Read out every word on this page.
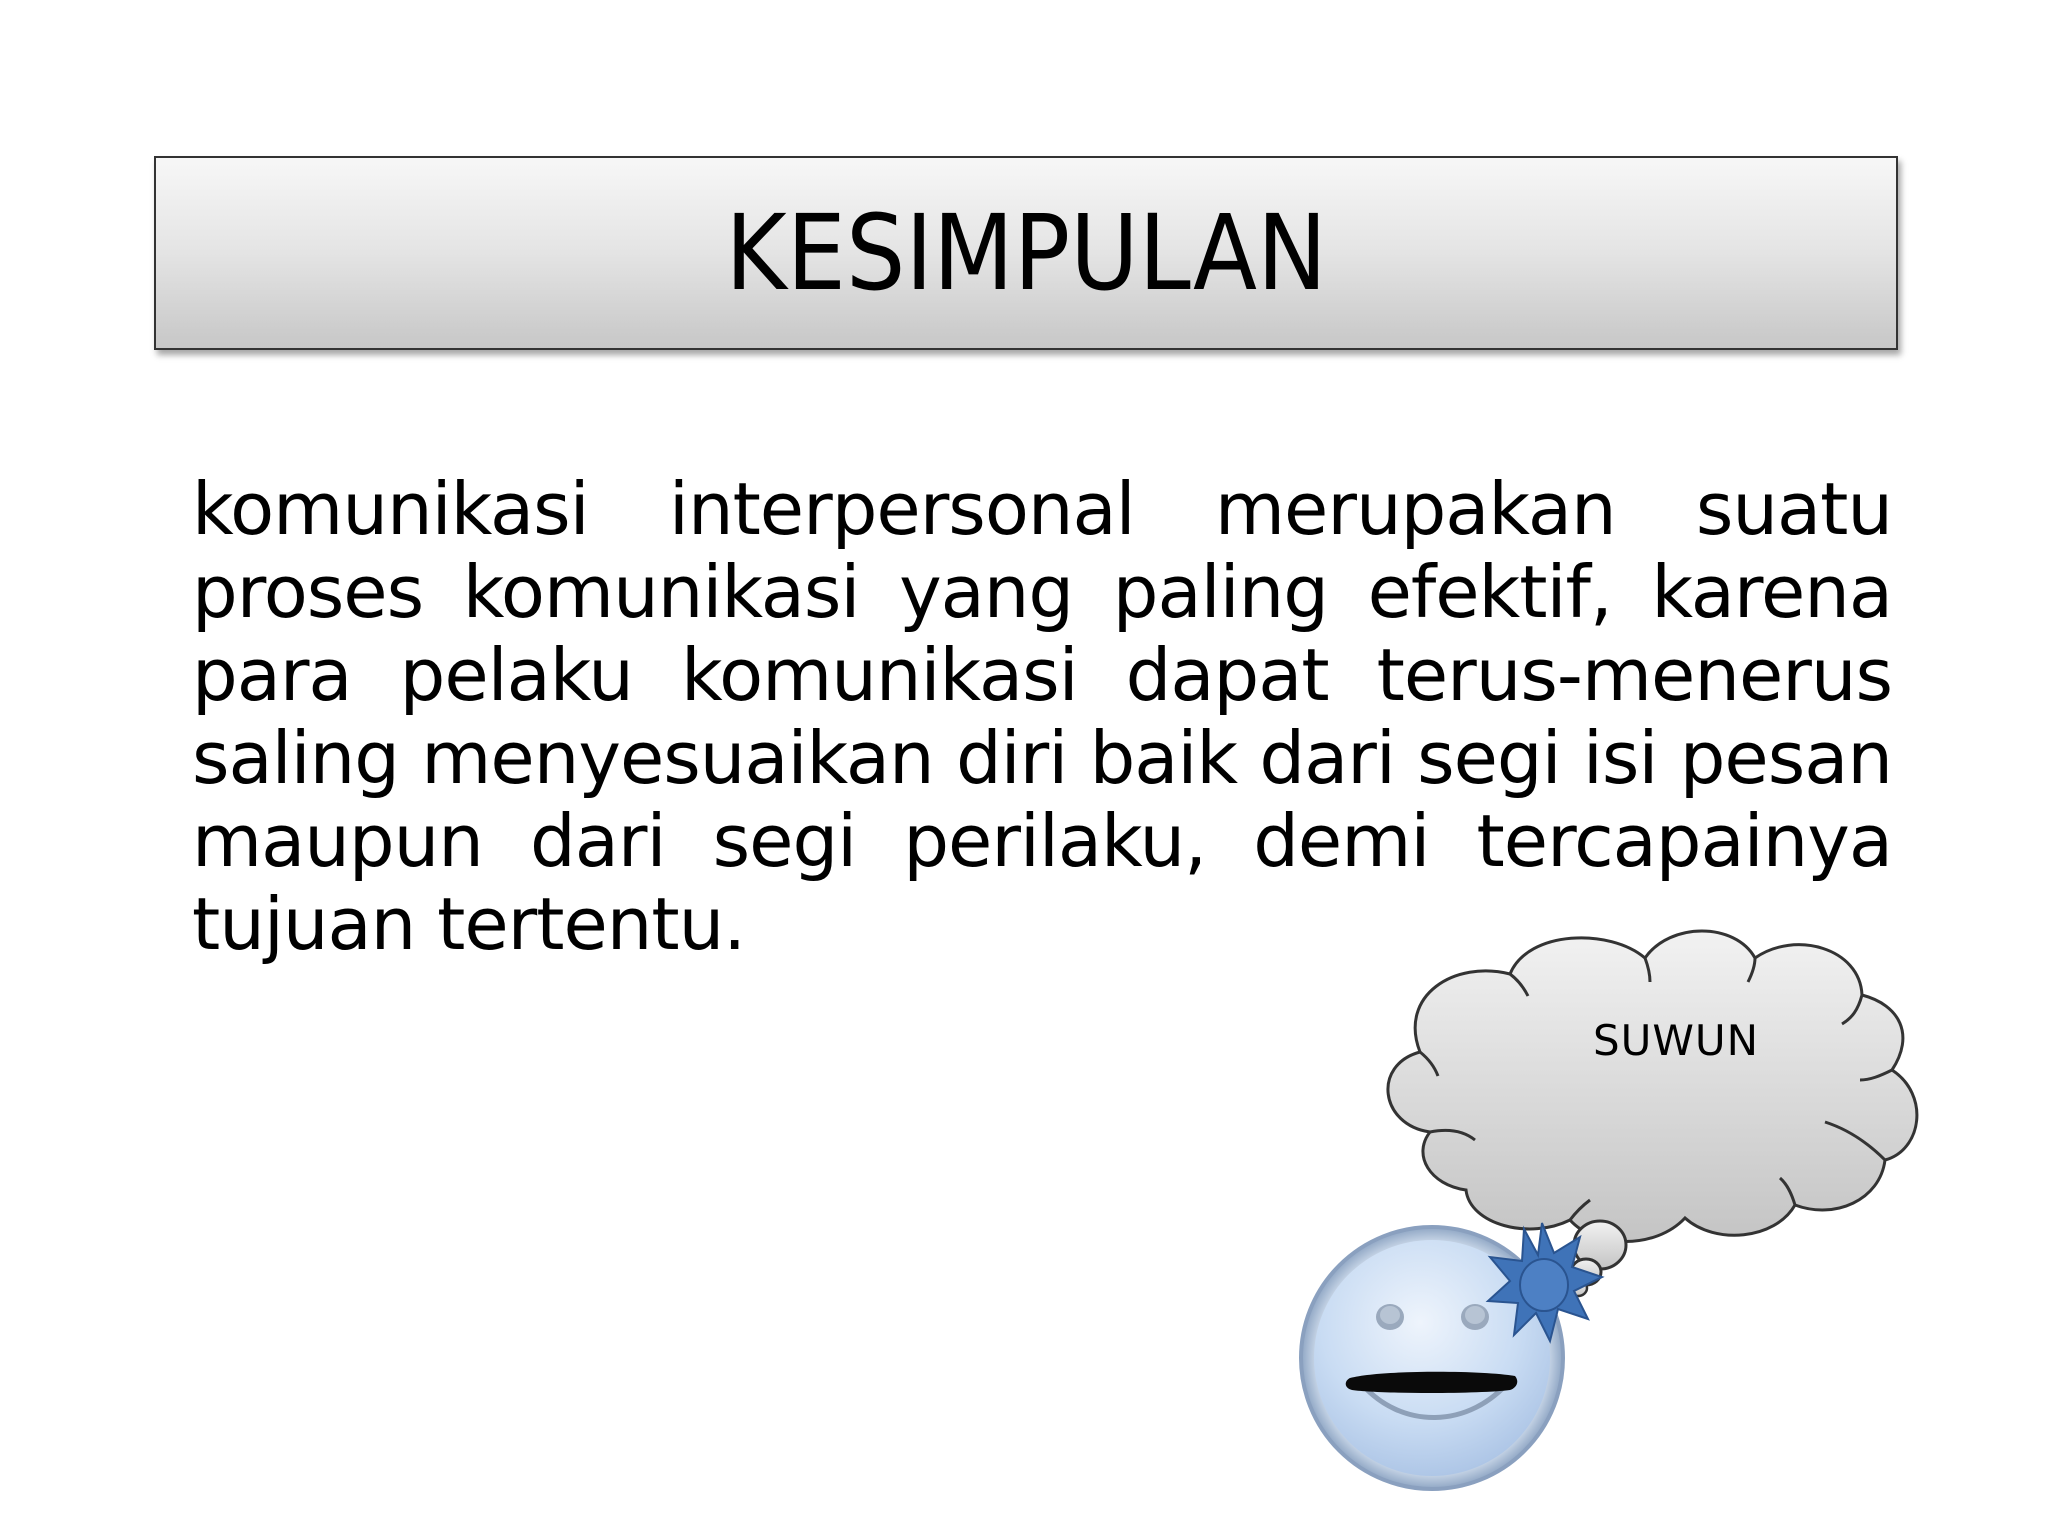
KESIMPULAN
komunikasi interpersonal merupakan suatu proses komunikasi yang paling efektif, karena para pelaku komunikasi dapat terus-menerus saling menyesuaikan diri baik dari segi isi pesan maupun dari segi perilaku, demi tercapainya tujuan tertentu.
SUWUN
